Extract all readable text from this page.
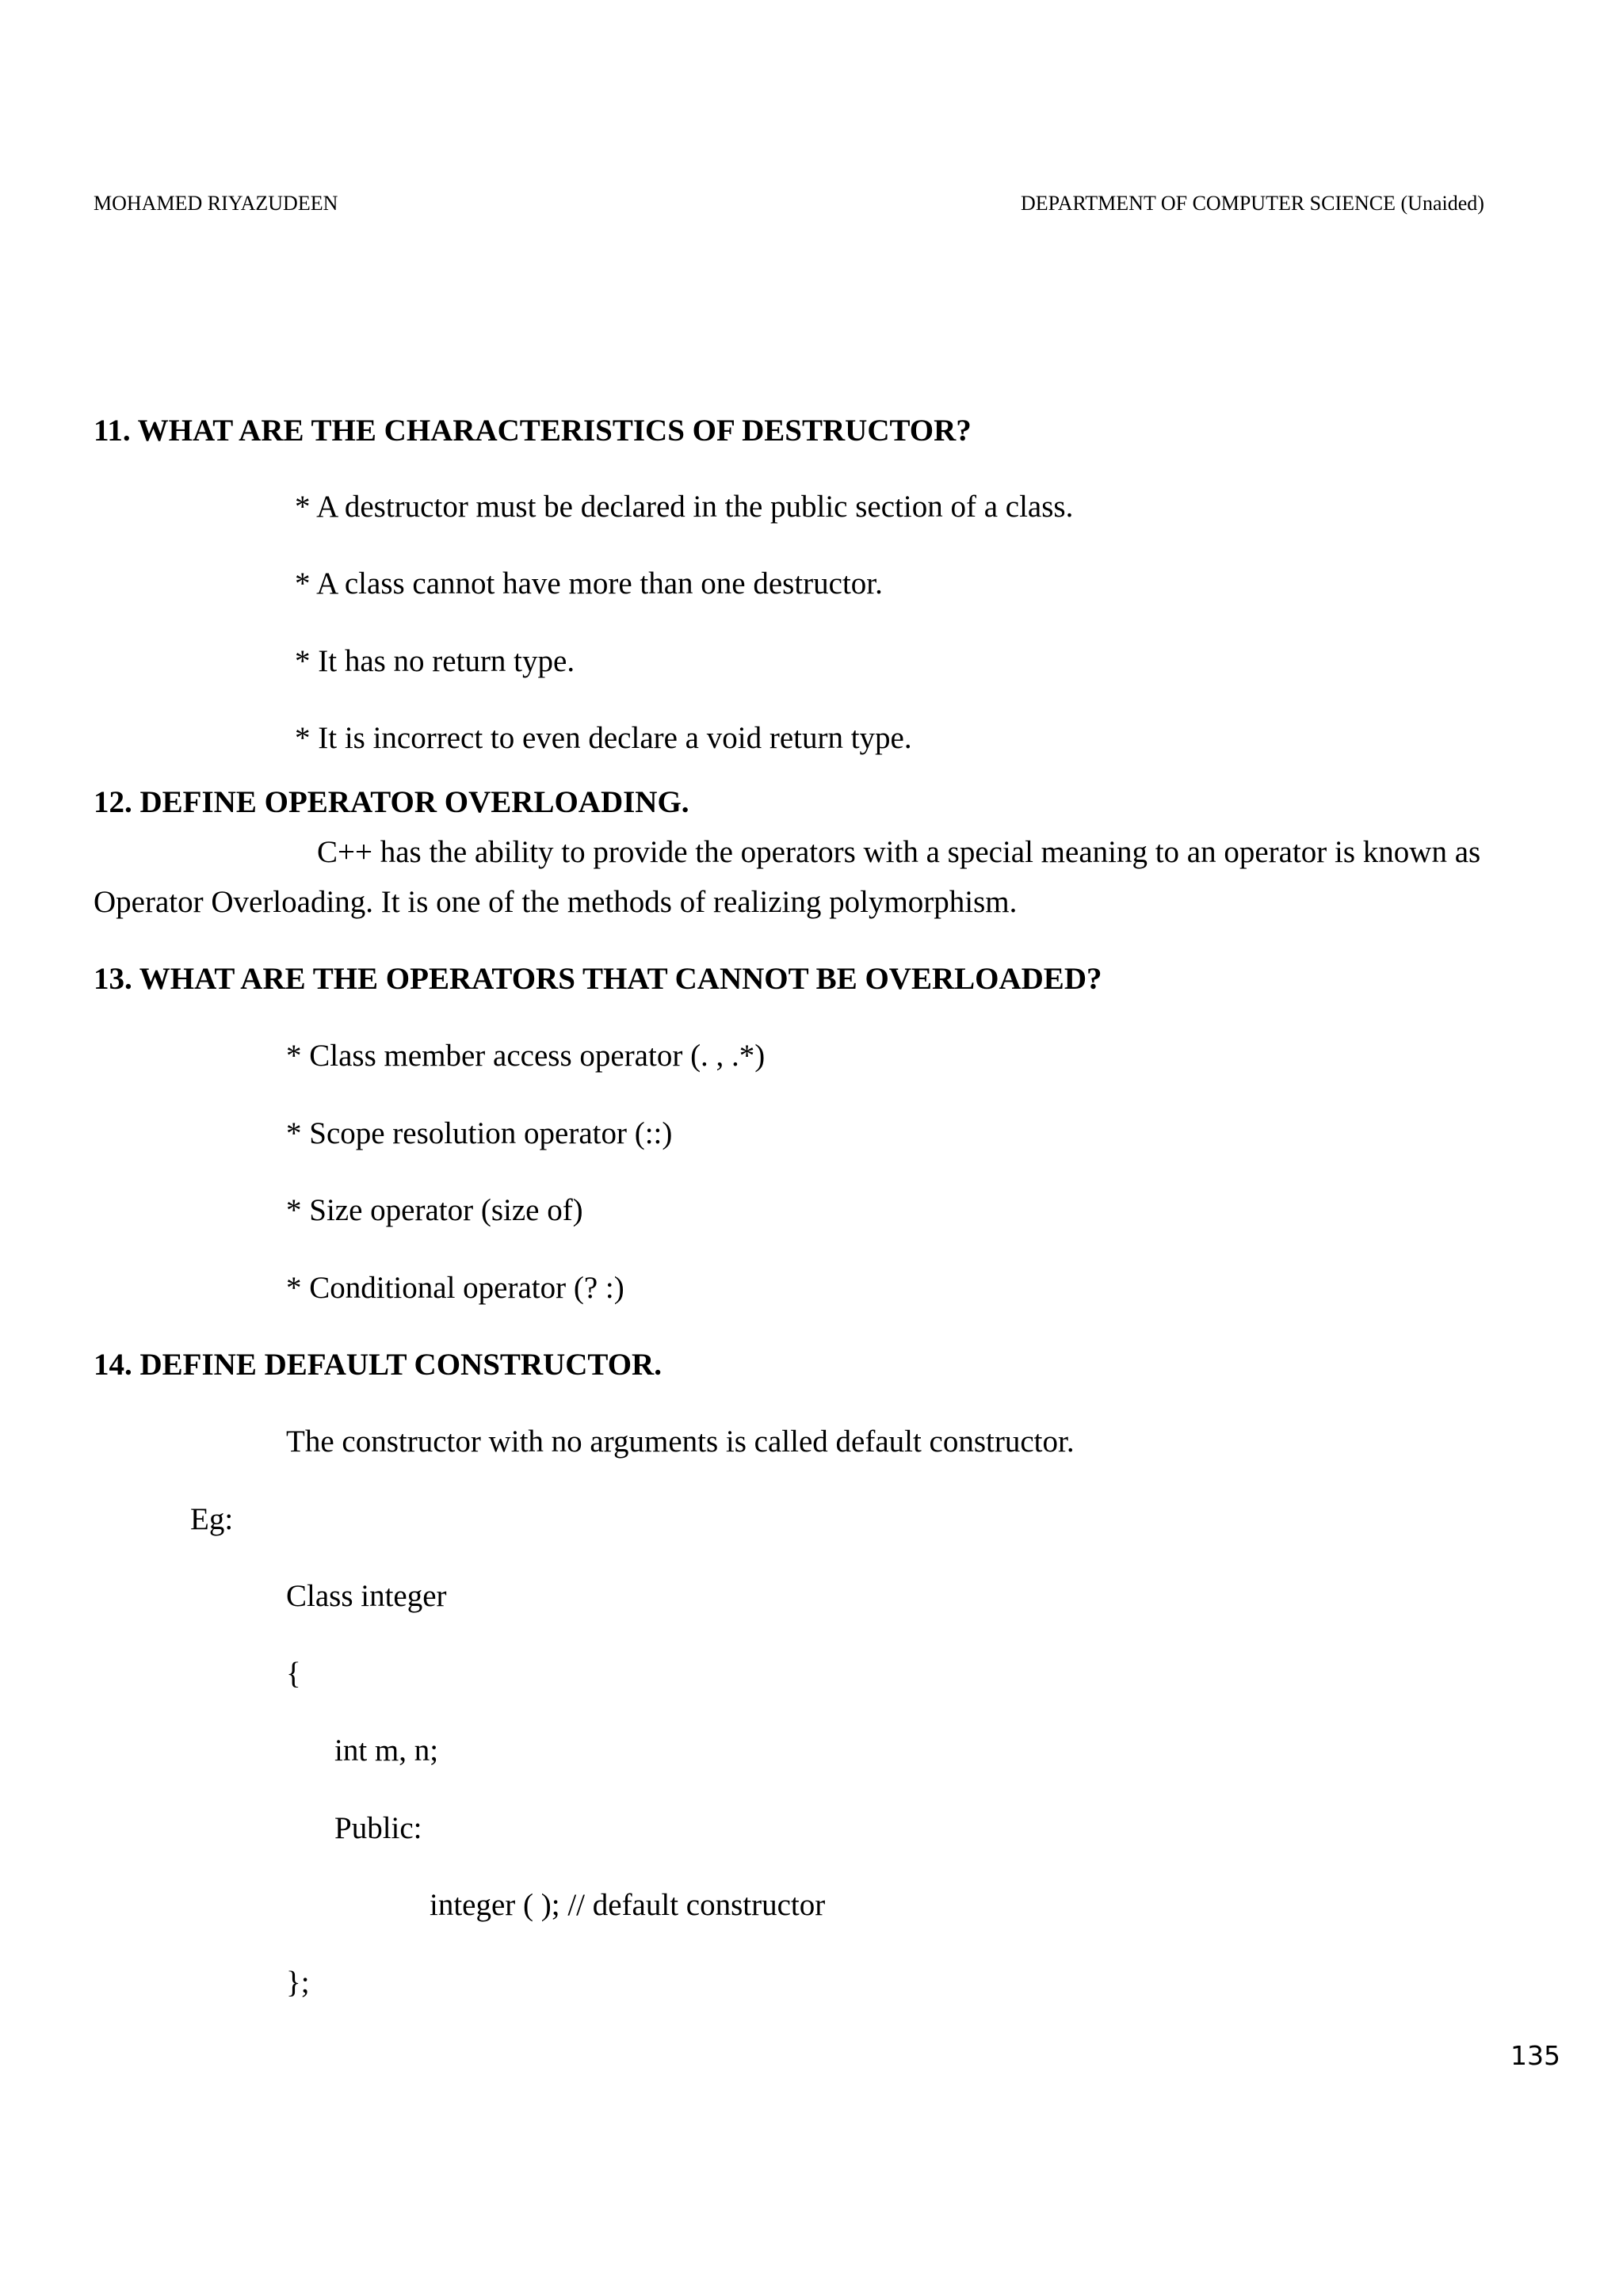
MOHAMED RIYAZUDEEN	DEPARTMENT OF COMPUTER SCIENCE (Unaided)
11. WHAT ARE THE CHARACTERISTICS OF DESTRUCTOR?
* A destructor must be declared in the public section of a class.
* A class cannot have more than one destructor.
* It has no return type.
* It is incorrect to even declare a void return type.
12. DEFINE OPERATOR OVERLOADING.
C++ has the ability to provide the operators with a special meaning to an operator is known as
Operator Overloading. It is one of the methods of realizing polymorphism.
13. WHAT ARE THE OPERATORS THAT CANNOT BE OVERLOADED?
* Class member access operator (. , .*)
* Scope resolution operator (::)
* Size operator (size of)
* Conditional operator (? :)
14. DEFINE DEFAULT CONSTRUCTOR.
The constructor with no arguments is called default constructor.
Eg:
Class integer
{
int m, n;
Public:
integer ( ); // default constructor
};
135
